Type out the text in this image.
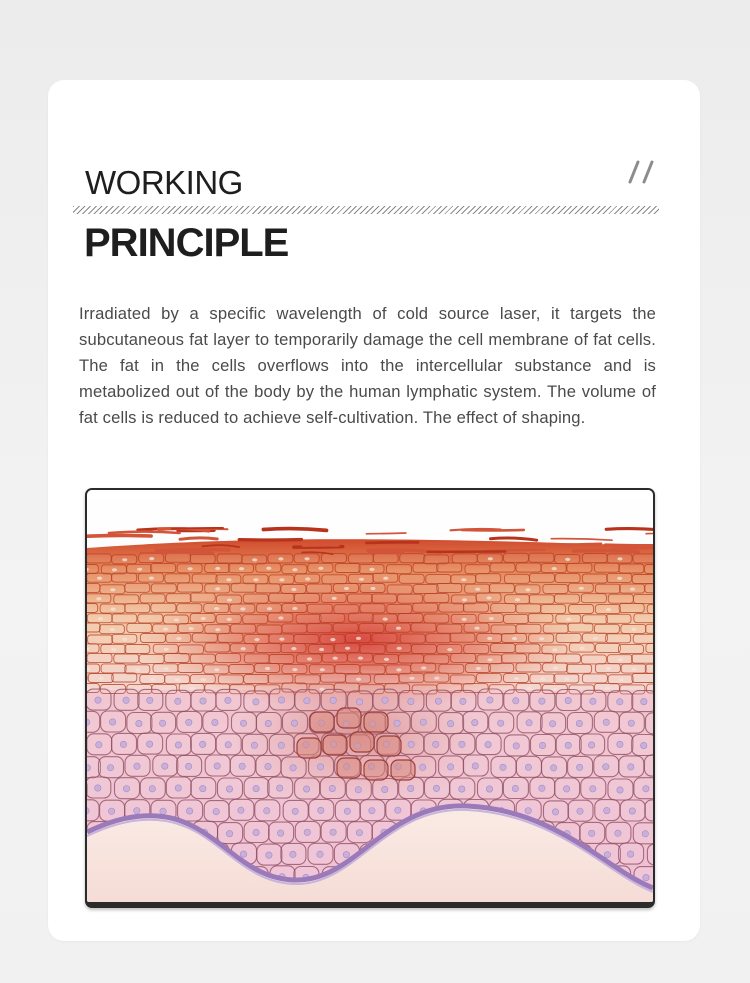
WORKING
PRINCIPLE

Irradiated by a specific wavelength of cold source laser, it targets the subcutaneous fat layer to temporarily damage the cell membrane of fat cells. The fat in the cells overflows into the intercellular substance and is metabolized out of the body by the human lymphatic system. The volume of fat cells is reduced to achieve self-cultivation. The effect of shaping.
